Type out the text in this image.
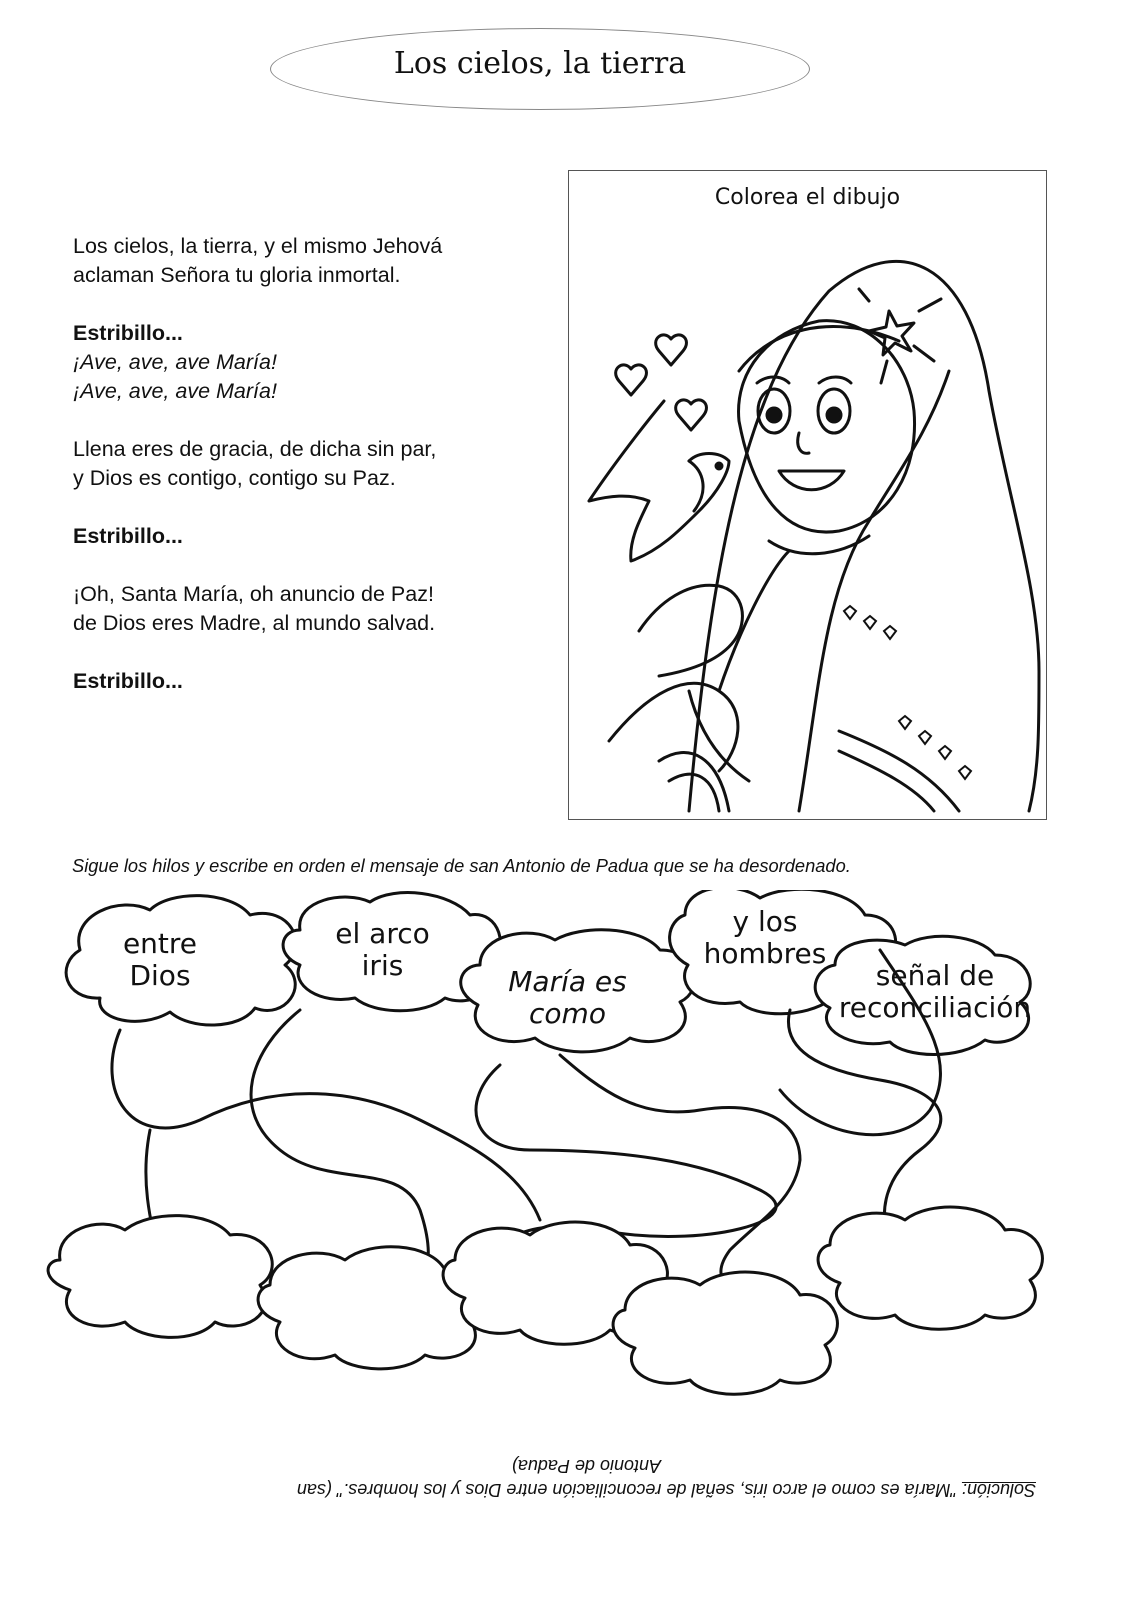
Los cielos, la tierra

Los cielos, la tierra, y el mismo Jehová
aclaman Señora tu gloria inmortal.

Estribillo...
¡Ave, ave, ave María!
¡Ave, ave, ave María!

Llena eres de gracia, de dicha sin par,
y Dios es contigo, contigo su Paz.

Estribillo...

¡Oh, Santa María, oh anuncio de Paz!
de Dios eres Madre, al mundo salvad.

Estribillo...

Colorea el dibujo
Sigue los hilos y escribe en orden el mensaje de san Antonio de Padua que se ha desordenado.
entre
Dios
el arco
iris	María es
como
y los
hombres
señal de
reconciliación
Solución: "María es como el arco iris, señal de reconciliación entre Dios y los hombres." (san
Antonio de Padua)
